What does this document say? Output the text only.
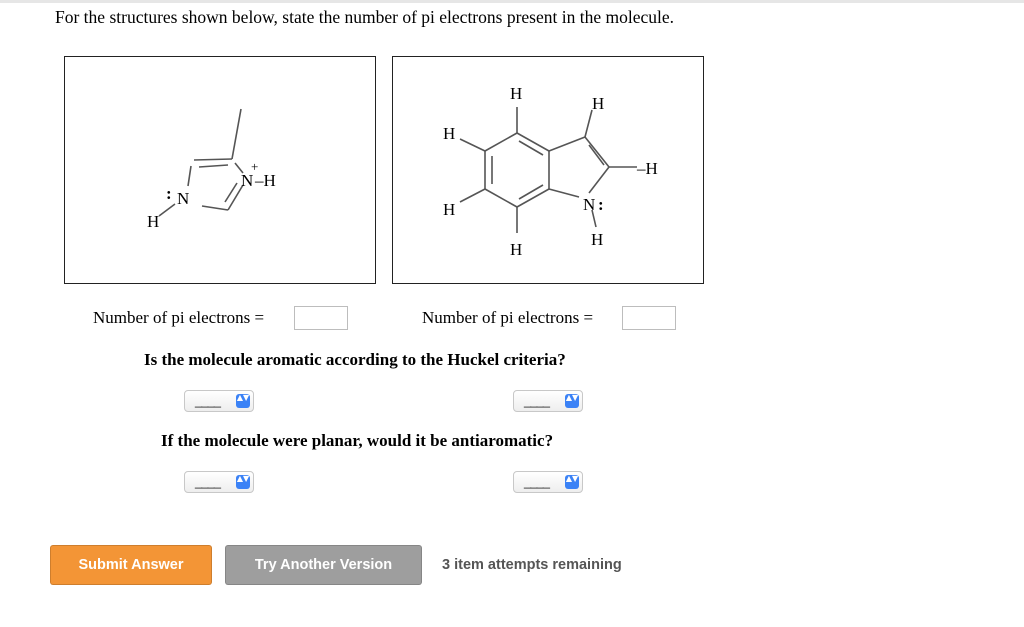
For the structures shown below, state the number of pi electrons present in the molecule.
N
:
N
+
–H
H
H
H
H
H
H
–H
H
N :
Number of pi electrons =	Number of pi electrons =
Is the molecule aromatic according to the Huckel criteria?
____ ▲▼	____ ▲▼
If the molecule were planar, would it be antiaromatic?
____ ▲▼	____ ▲▼
Submit Answer	Try Another Version	3 item attempts remaining
